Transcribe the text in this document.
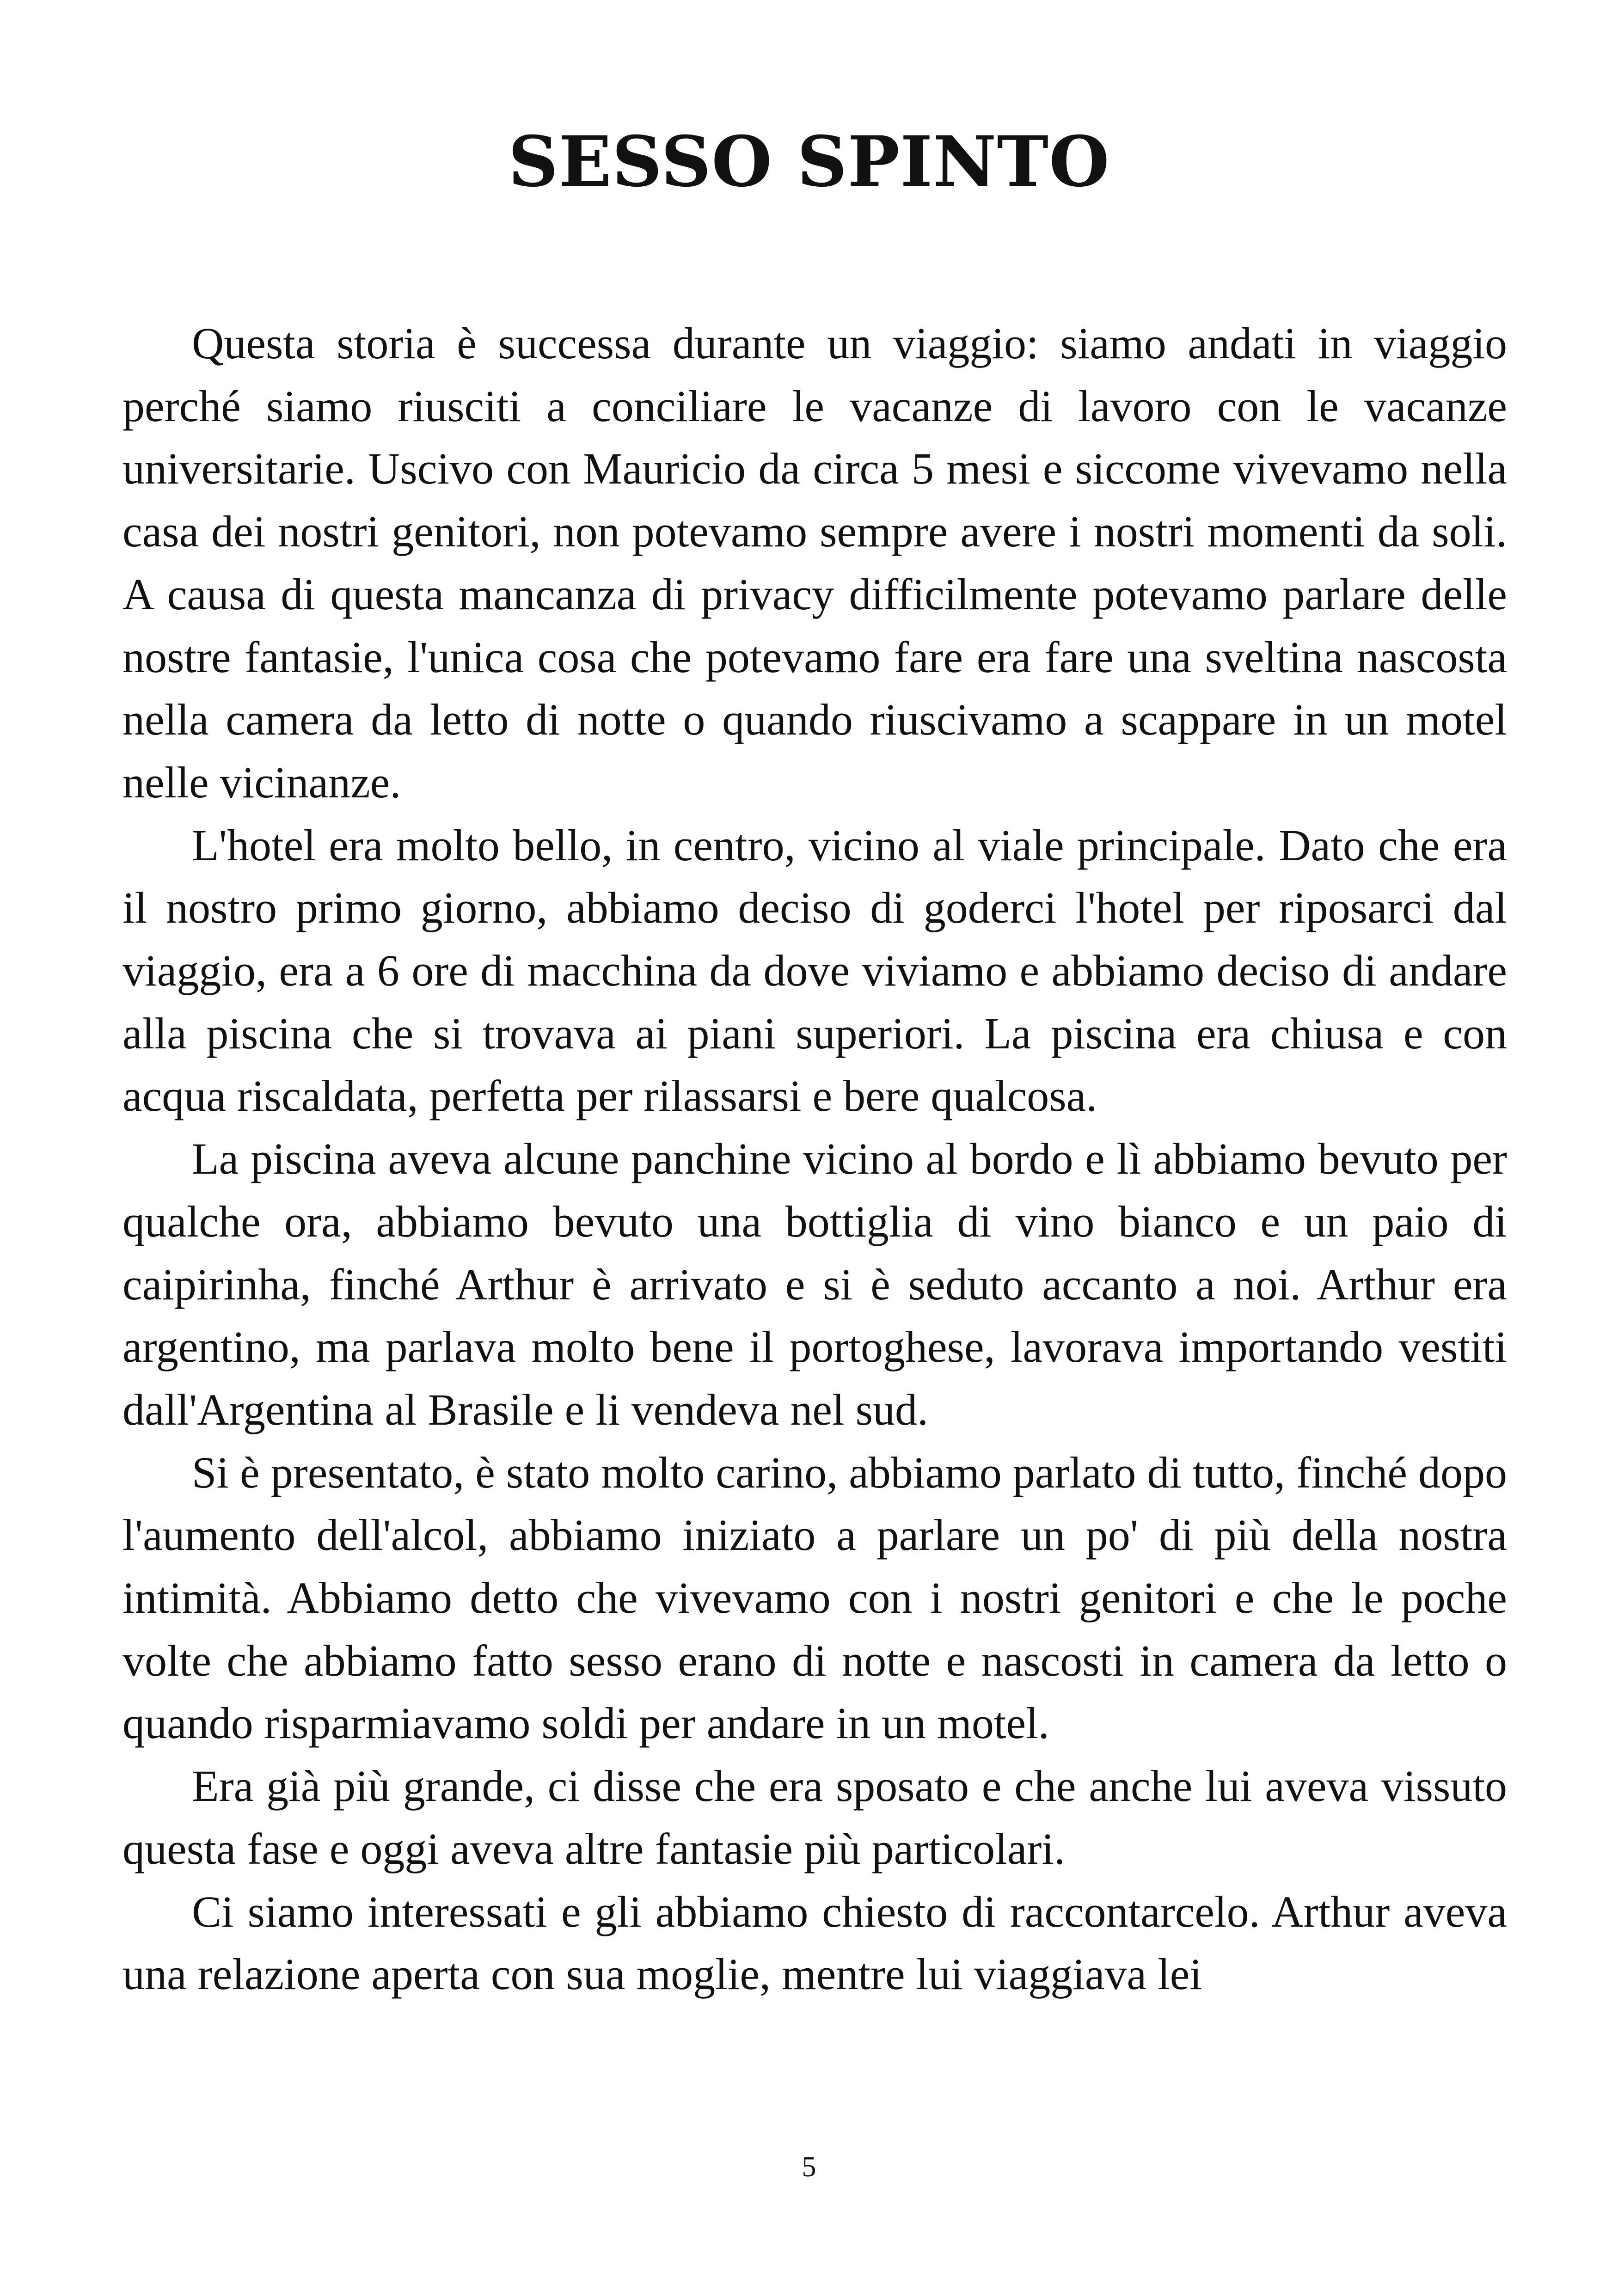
SESSO SPINTO

Questa storia è successa durante un viaggio: siamo andati in viaggio perché siamo riusciti a conciliare le vacanze di lavoro con le vacanze universitarie. Uscivo con Mauricio da circa 5 mesi e siccome vivevamo nella casa dei nostri genitori, non potevamo sempre avere i nostri momenti da soli. A causa di questa mancanza di privacy difficilmente potevamo parlare delle nostre fantasie, l'unica cosa che potevamo fare era fare una sveltina nascosta nella camera da letto di notte o quando riuscivamo a scappare in un motel nelle vicinanze.

L'hotel era molto bello, in centro, vicino al viale principale. Dato che era il nostro primo giorno, abbiamo deciso di goderci l'hotel per riposarci dal viaggio, era a 6 ore di macchina da dove viviamo e abbiamo deciso di andare alla piscina che si trovava ai piani superiori. La piscina era chiusa e con acqua riscaldata, perfetta per rilassarsi e bere qualcosa.

La piscina aveva alcune panchine vicino al bordo e lì abbiamo bevuto per qualche ora, abbiamo bevuto una bottiglia di vino bianco e un paio di caipirinha, finché Arthur è arrivato e si è seduto accanto a noi. Arthur era argentino, ma parlava molto bene il portoghese, lavorava importando vestiti dall'Argentina al Brasile e li vendeva nel sud.

Si è presentato, è stato molto carino, abbiamo parlato di tutto, finché dopo l'aumento dell'alcol, abbiamo iniziato a parlare un po' di più della nostra intimità. Abbiamo detto che vivevamo con i nostri genitori e che le poche volte che abbiamo fatto sesso erano di notte e nascosti in camera da letto o quando risparmiavamo soldi per andare in un motel.

Era già più grande, ci disse che era sposato e che anche lui aveva vissuto questa fase e oggi aveva altre fantasie più particolari.

Ci siamo interessati e gli abbiamo chiesto di raccontarcelo. Arthur aveva una relazione aperta con sua moglie, mentre lui viaggiava lei

5
